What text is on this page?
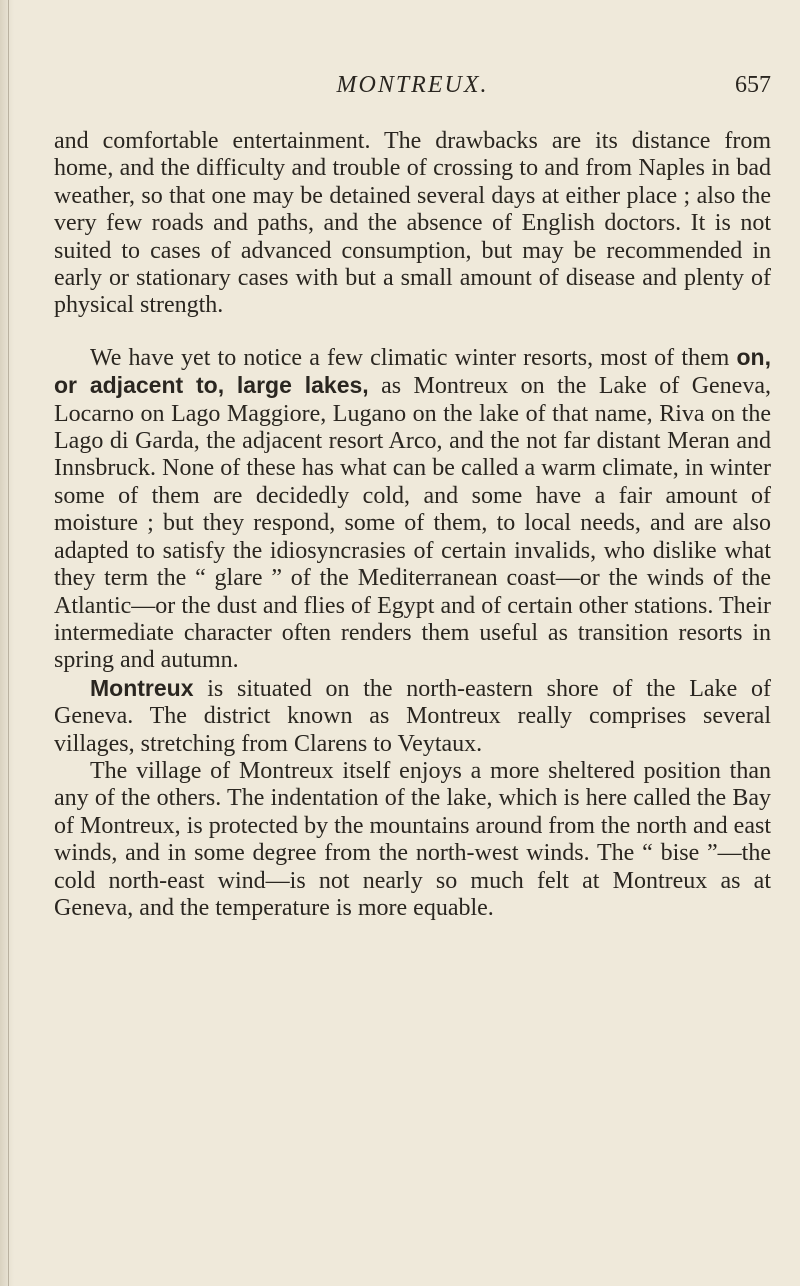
MONTREUX.	657

and comfortable entertainment. The drawbacks are its distance from home, and the difficulty and trouble of crossing to and from Naples in bad weather, so that one may be detained several days at either place ; also the very few roads and paths, and the absence of English doctors. It is not suited to cases of advanced consumption, but may be recommended in early or stationary cases with but a small amount of disease and plenty of physical strength.

We have yet to notice a few climatic winter resorts, most of them on, or adjacent to, large lakes, as Montreux on the Lake of Geneva, Locarno on Lago Maggiore, Lugano on the lake of that name, Riva on the Lago di Garda, the adjacent resort Arco, and the not far distant Meran and Innsbruck. None of these has what can be called a warm climate, in winter some of them are decidedly cold, and some have a fair amount of moisture ; but they respond, some of them, to local needs, and are also adapted to satisfy the idiosyncrasies of certain invalids, who dislike what they term the “ glare ” of the Mediterranean coast—or the winds of the Atlantic—or the dust and flies of Egypt and of certain other stations. Their intermediate character often renders them useful as transition resorts in spring and autumn.

Montreux is situated on the north-eastern shore of the Lake of Geneva. The district known as Montreux really comprises several villages, stretching from Clarens to Veytaux.

The village of Montreux itself enjoys a more sheltered position than any of the others. The indentation of the lake, which is here called the Bay of Montreux, is protected by the mountains around from the north and east winds, and in some degree from the north-west winds. The “ bise ”—the cold north-east wind—is not nearly so much felt at Montreux as at Geneva, and the temperature is more equable.
